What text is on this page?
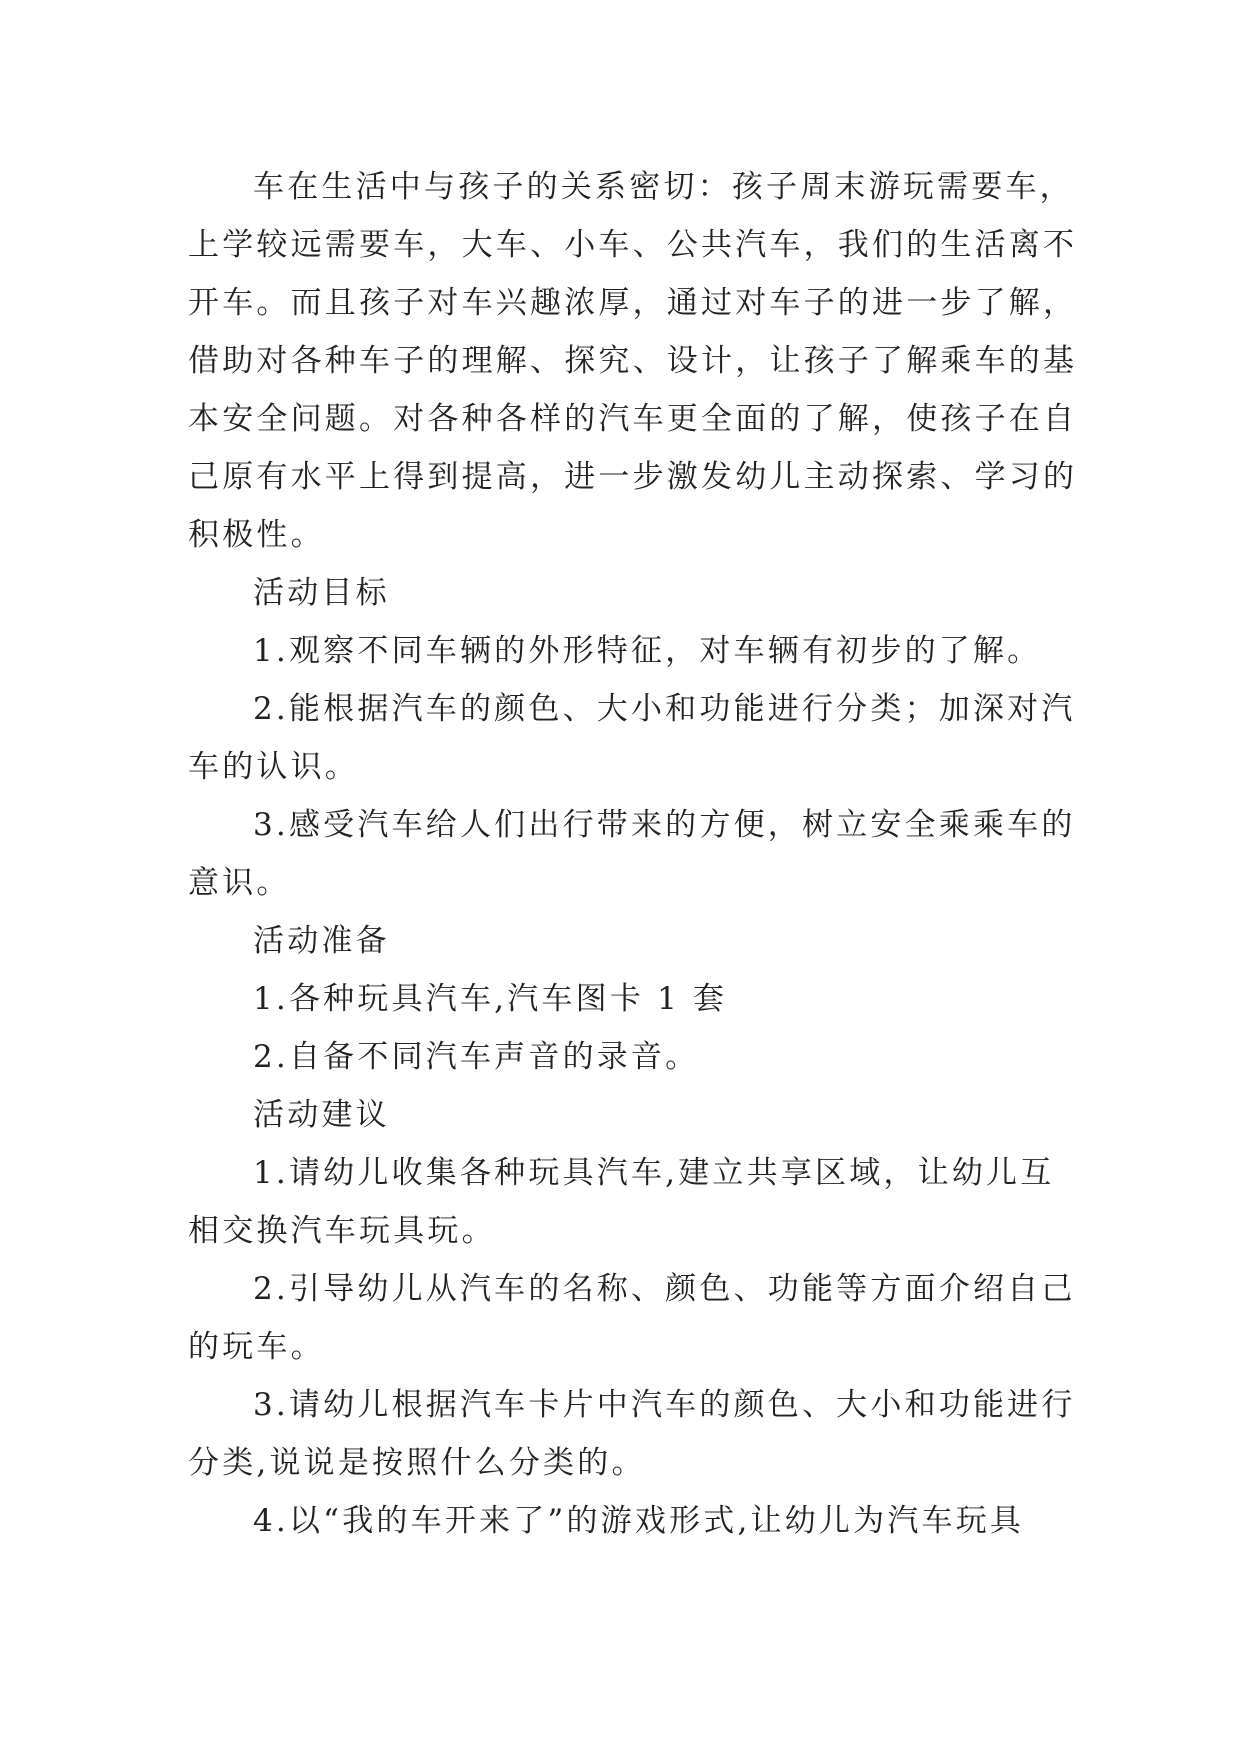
车在生活中与孩子的关系密切：孩子周末游玩需要车，
上学较远需要车，大车、小车、公共汽车，我们的生活离不
开车。而且孩子对车兴趣浓厚，通过对车子的进一步了解，
借助对各种车子的理解、探究、设计，让孩子了解乘车的基
本安全问题。对各种各样的汽车更全面的了解，使孩子在自
己原有水平上得到提高，进一步激发幼儿主动探索、学习的
积极性。
活动目标
1.观察不同车辆的外形特征，对车辆有初步的了解。
2.能根据汽车的颜色、大小和功能进行分类；加深对汽
车的认识。
3.感受汽车给人们出行带来的方便，树立安全乘乘车的
意识。
活动准备
1.各种玩具汽车,汽车图卡 1 套
2.自备不同汽车声音的录音。
活动建议
1.请幼儿收集各种玩具汽车,建立共享区域，让幼儿互
相交换汽车玩具玩。
2.引导幼儿从汽车的名称、颜色、功能等方面介绍自己
的玩车。
3.请幼儿根据汽车卡片中汽车的颜色、大小和功能进行
分类,说说是按照什么分类的。
4.以“我的车开来了”的游戏形式,让幼儿为汽车玩具
